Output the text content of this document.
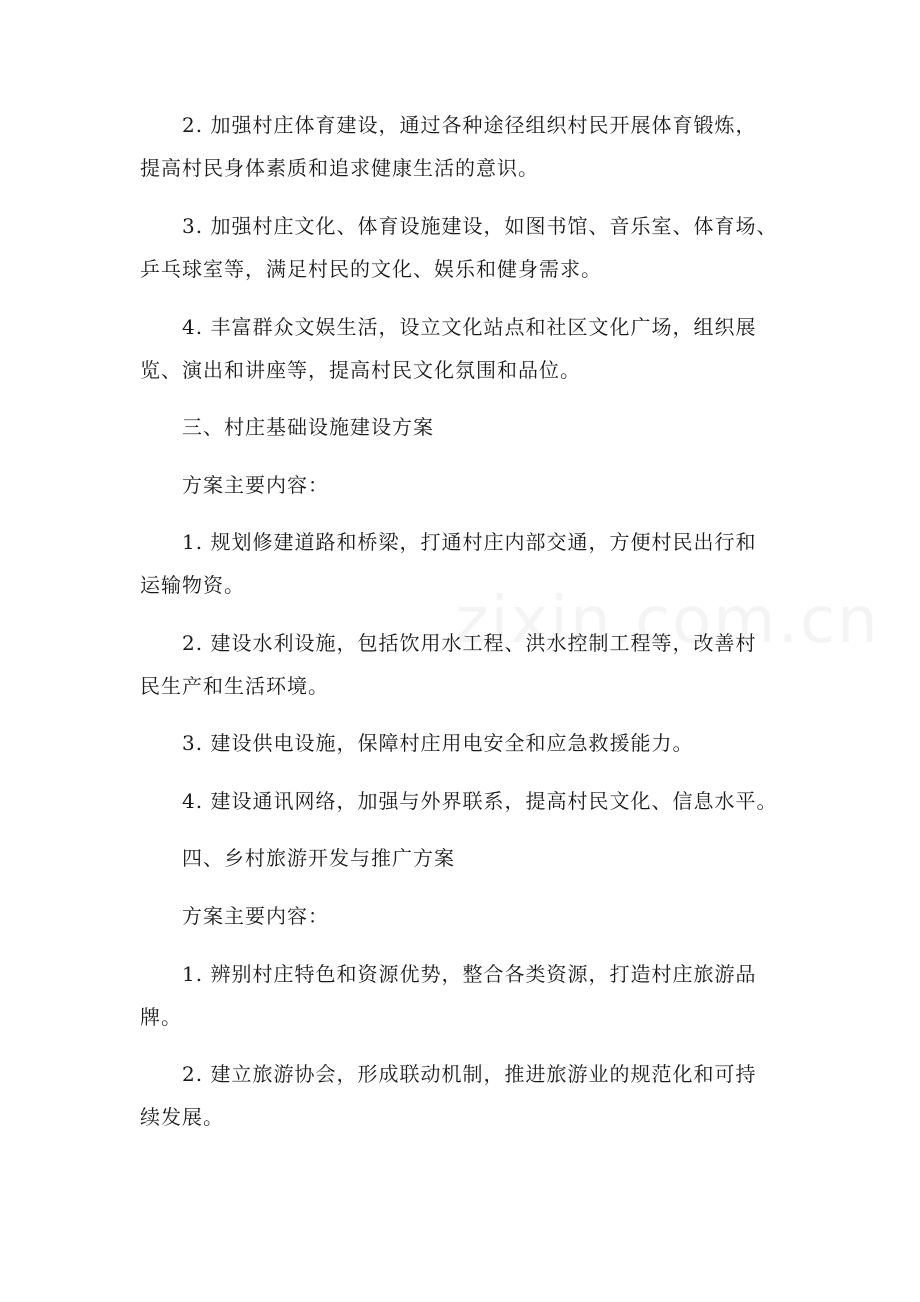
2. 加强村庄体育建设，通过各种途径组织村民开展体育锻炼，
提高村民身体素质和追求健康生活的意识。
3. 加强村庄文化、体育设施建设，如图书馆、音乐室、体育场、
乒乓球室等，满足村民的文化、娱乐和健身需求。
4. 丰富群众文娱生活，设立文化站点和社区文化广场，组织展
览、演出和讲座等，提高村民文化氛围和品位。
三、村庄基础设施建设方案
方案主要内容：
1. 规划修建道路和桥梁，打通村庄内部交通，方便村民出行和
运输物资。
2. 建设水利设施，包括饮用水工程、洪水控制工程等，改善村
民生产和生活环境。
3. 建设供电设施，保障村庄用电安全和应急救援能力。
4. 建设通讯网络，加强与外界联系，提高村民文化、信息水平。
四、乡村旅游开发与推广方案
方案主要内容：
1. 辨别村庄特色和资源优势，整合各类资源，打造村庄旅游品
牌。
2. 建立旅游协会，形成联动机制，推进旅游业的规范化和可持
续发展。
